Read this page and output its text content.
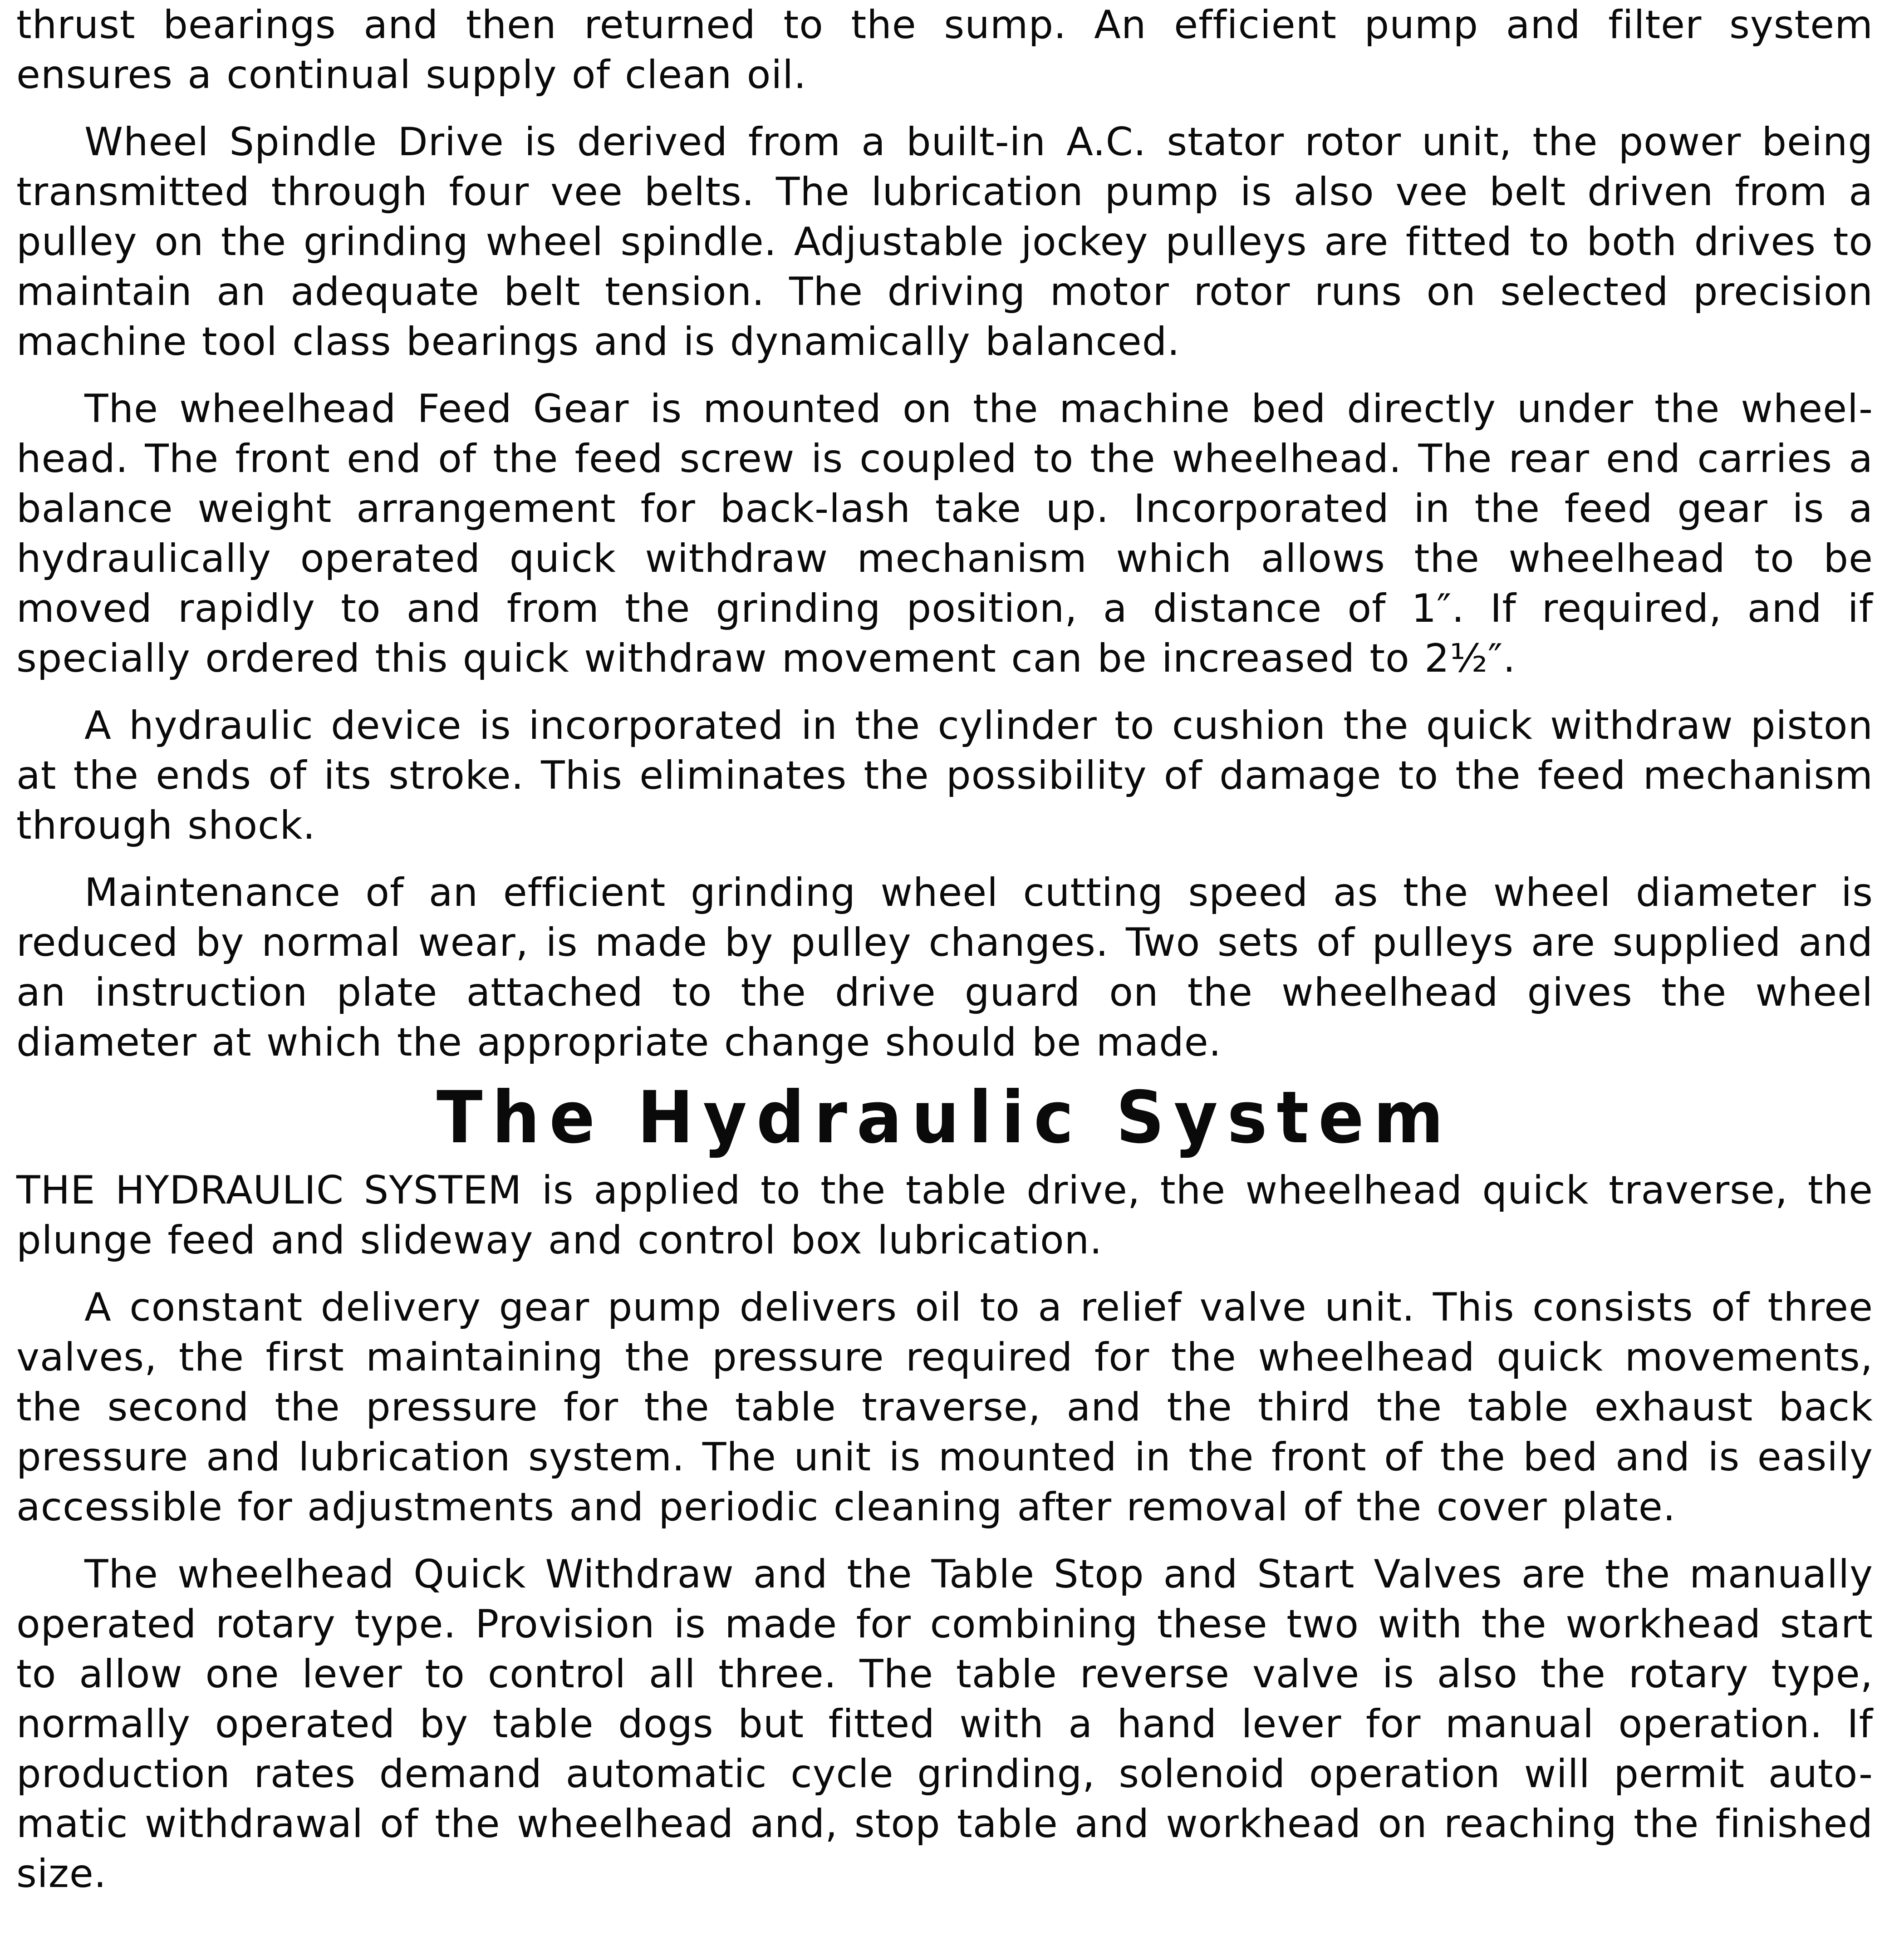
thrust bearings and then returned to the sump. An efficient pump and filter system ensures a continual supply of clean oil.

Wheel Spindle Drive is derived from a built-in A.C. stator rotor unit, the power being transmitted through four vee belts. The lubrication pump is also vee belt driven from a pulley on the grinding wheel spindle. Adjustable jockey pulleys are fitted to both drives to maintain an adequate belt tension. The driving motor rotor runs on selected precision machine tool class bearings and is dynamically balanced.

The wheelhead Feed Gear is mounted on the machine bed directly under the wheel-head. The front end of the feed screw is coupled to the wheelhead. The rear end carries a balance weight arrangement for back-lash take up. Incorporated in the feed gear is a hydraulically operated quick withdraw mechanism which allows the wheelhead to be moved rapidly to and from the grinding position, a distance of 1″. If required, and if specially ordered this quick withdraw movement can be increased to 2½″.

A hydraulic device is incorporated in the cylinder to cushion the quick withdraw piston at the ends of its stroke. This eliminates the possibility of damage to the feed mechanism through shock.

Maintenance of an efficient grinding wheel cutting speed as the wheel diameter is reduced by normal wear, is made by pulley changes. Two sets of pulleys are supplied and an instruction plate attached to the drive guard on the wheelhead gives the wheel diameter at which the appropriate change should be made.

The Hydraulic System

THE HYDRAULIC SYSTEM is applied to the table drive, the wheelhead quick traverse, the plunge feed and slideway and control box lubrication.

A constant delivery gear pump delivers oil to a relief valve unit. This consists of three valves, the first maintaining the pressure required for the wheelhead quick movements, the second the pressure for the table traverse, and the third the table exhaust back pressure and lubrication system. The unit is mounted in the front of the bed and is easily accessible for adjustments and periodic cleaning after removal of the cover plate.

The wheelhead Quick Withdraw and the Table Stop and Start Valves are the manually operated rotary type. Provision is made for combining these two with the workhead start to allow one lever to control all three. The table reverse valve is also the rotary type, normally operated by table dogs but fitted with a hand lever for manual operation. If production rates demand automatic cycle grinding, solenoid operation will permit auto-matic withdrawal of the wheelhead and, stop table and workhead on reaching the finished size.
